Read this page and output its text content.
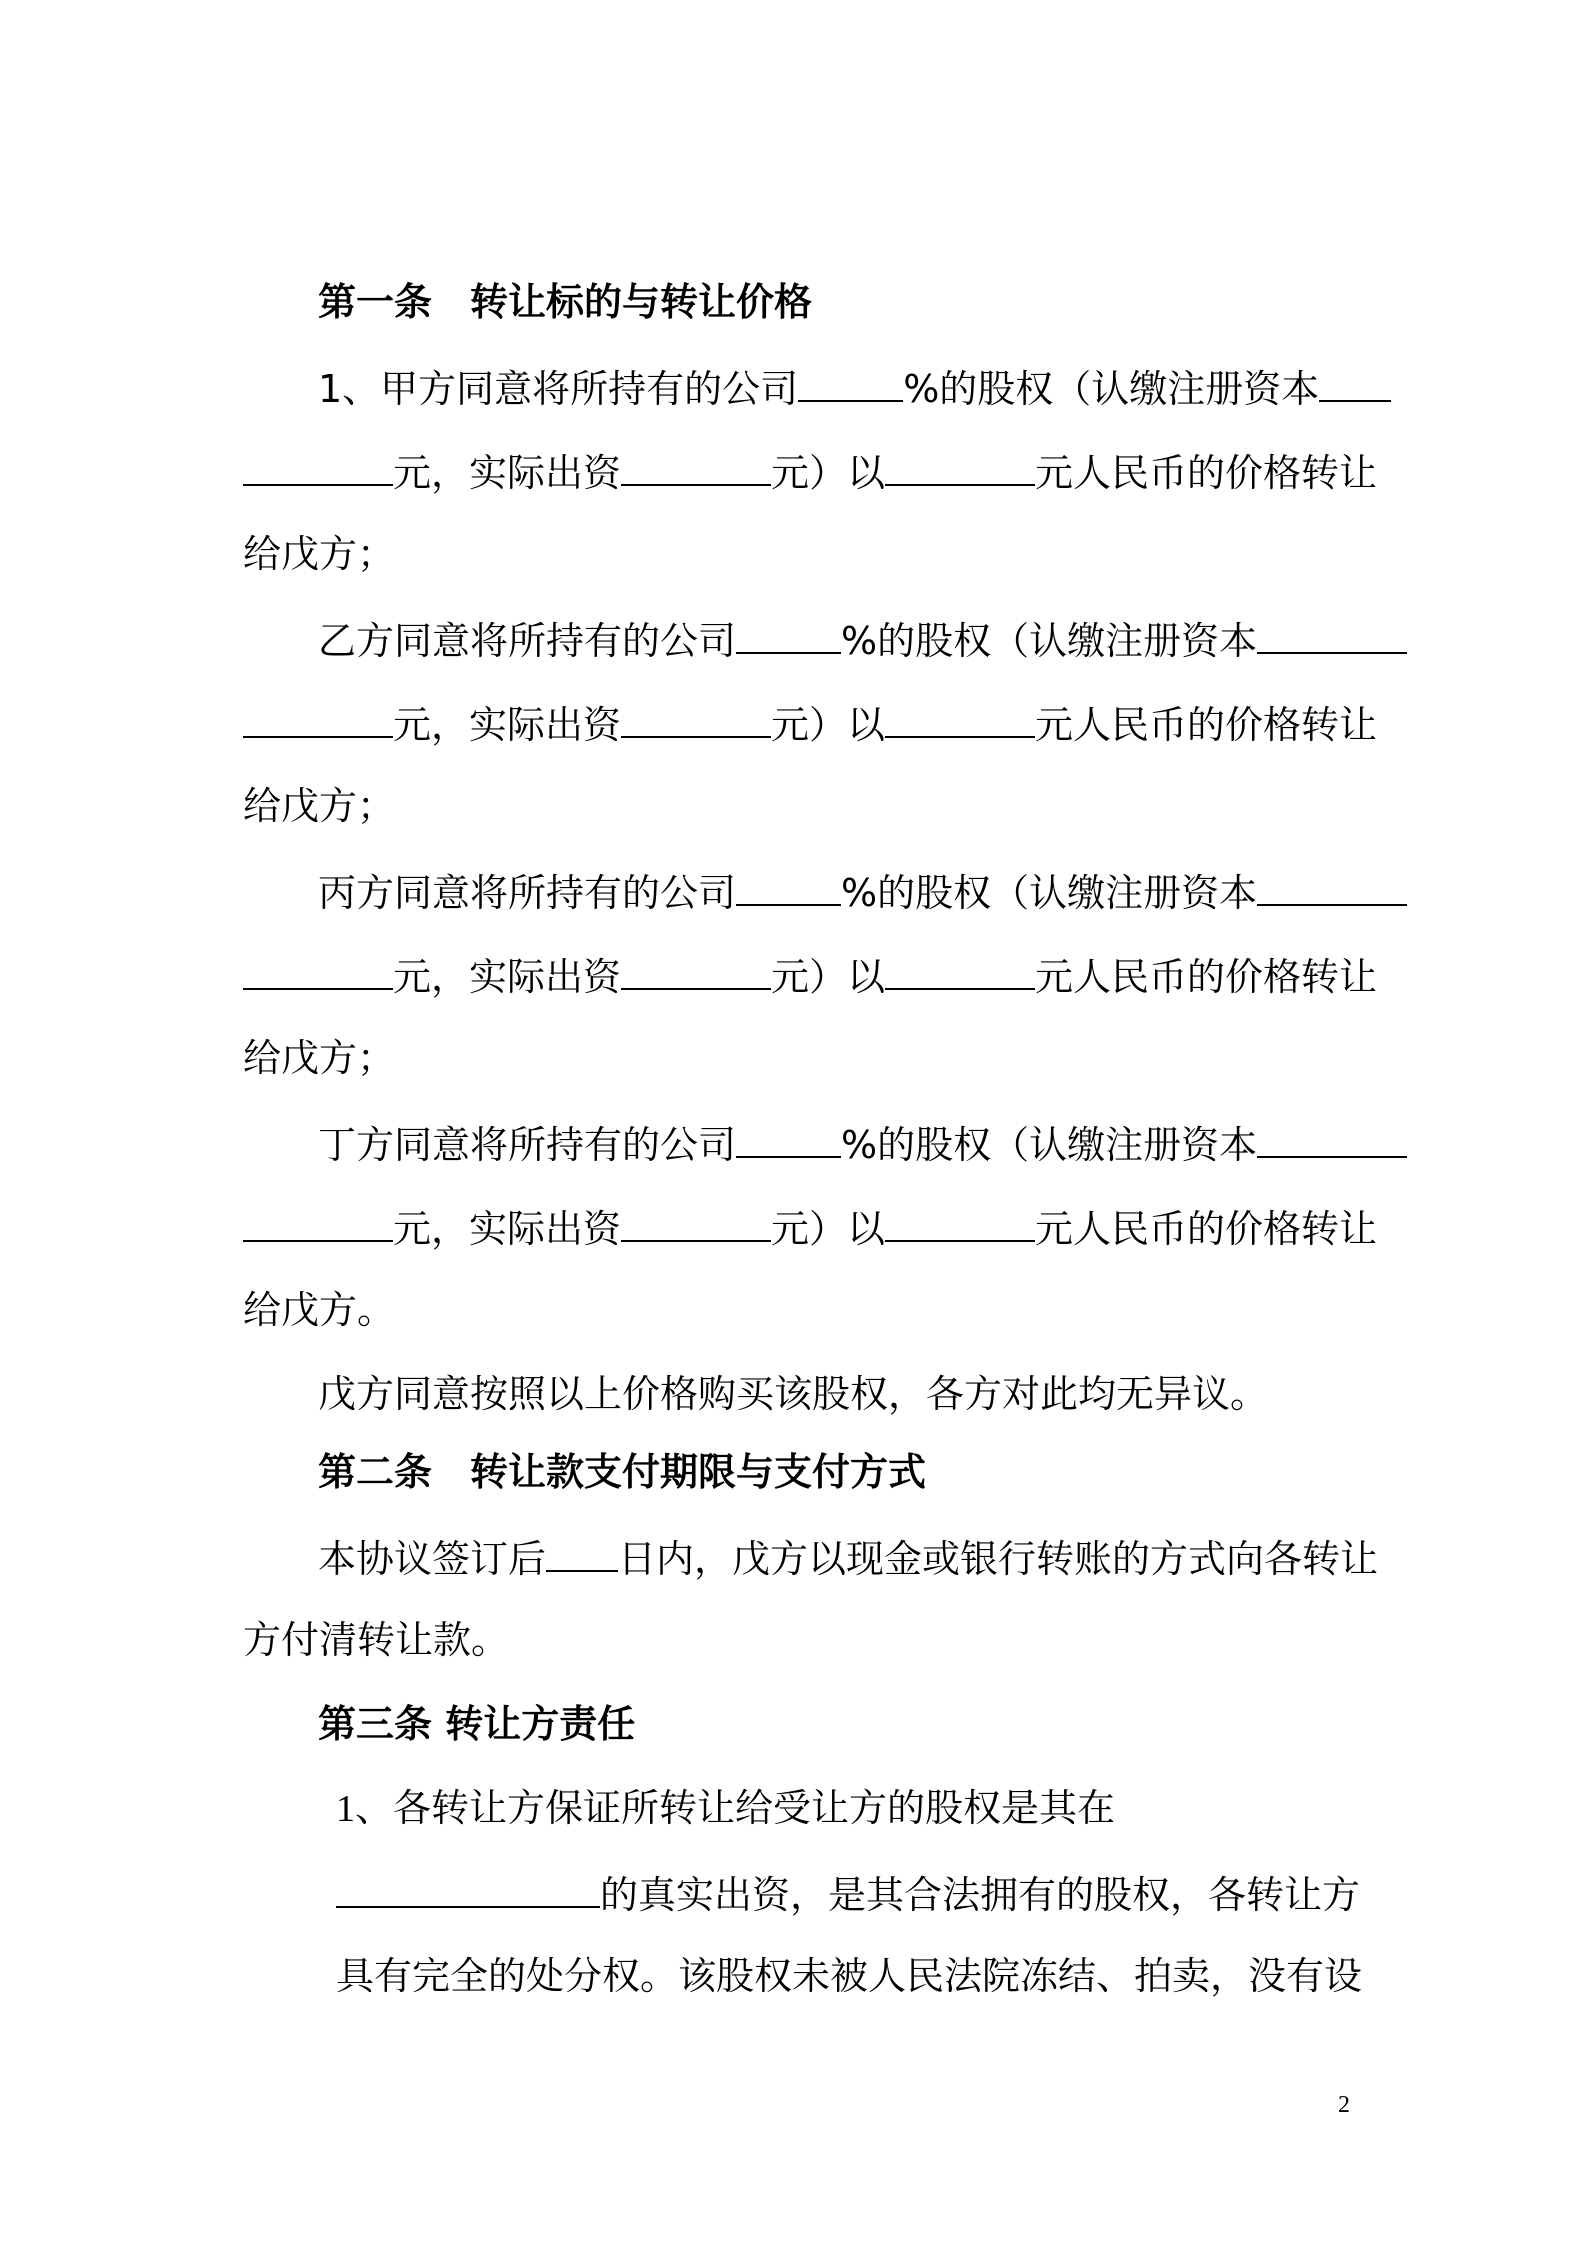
第一条　转让标的与转让价格
1、甲方同意将所持有的公司	%的股权（认缴注册资本
元，实际出资	元）以	元人民币的价格转让
给戊方；
乙方同意将所持有的公司	%的股权（认缴注册资本
元，实际出资	元）以	元人民币的价格转让
给戊方；
丙方同意将所持有的公司	%的股权（认缴注册资本
元，实际出资	元）以	元人民币的价格转让
给戊方；
丁方同意将所持有的公司	%的股权（认缴注册资本
元，实际出资	元）以	元人民币的价格转让
给戊方。
戊方同意按照以上价格购买该股权，各方对此均无异议。
第二条　转让款支付期限与支付方式
本协议签订后 日内，戊方以现金或银行转账的方式向各转让
方付清转让款。
第三条 转让方责任
1、各转让方保证所转让给受让方的股权是其在
的真实出资，是其合法拥有的股权，各转让方
具有完全的处分权。该股权未被人民法院冻结、拍卖，没有设
2
